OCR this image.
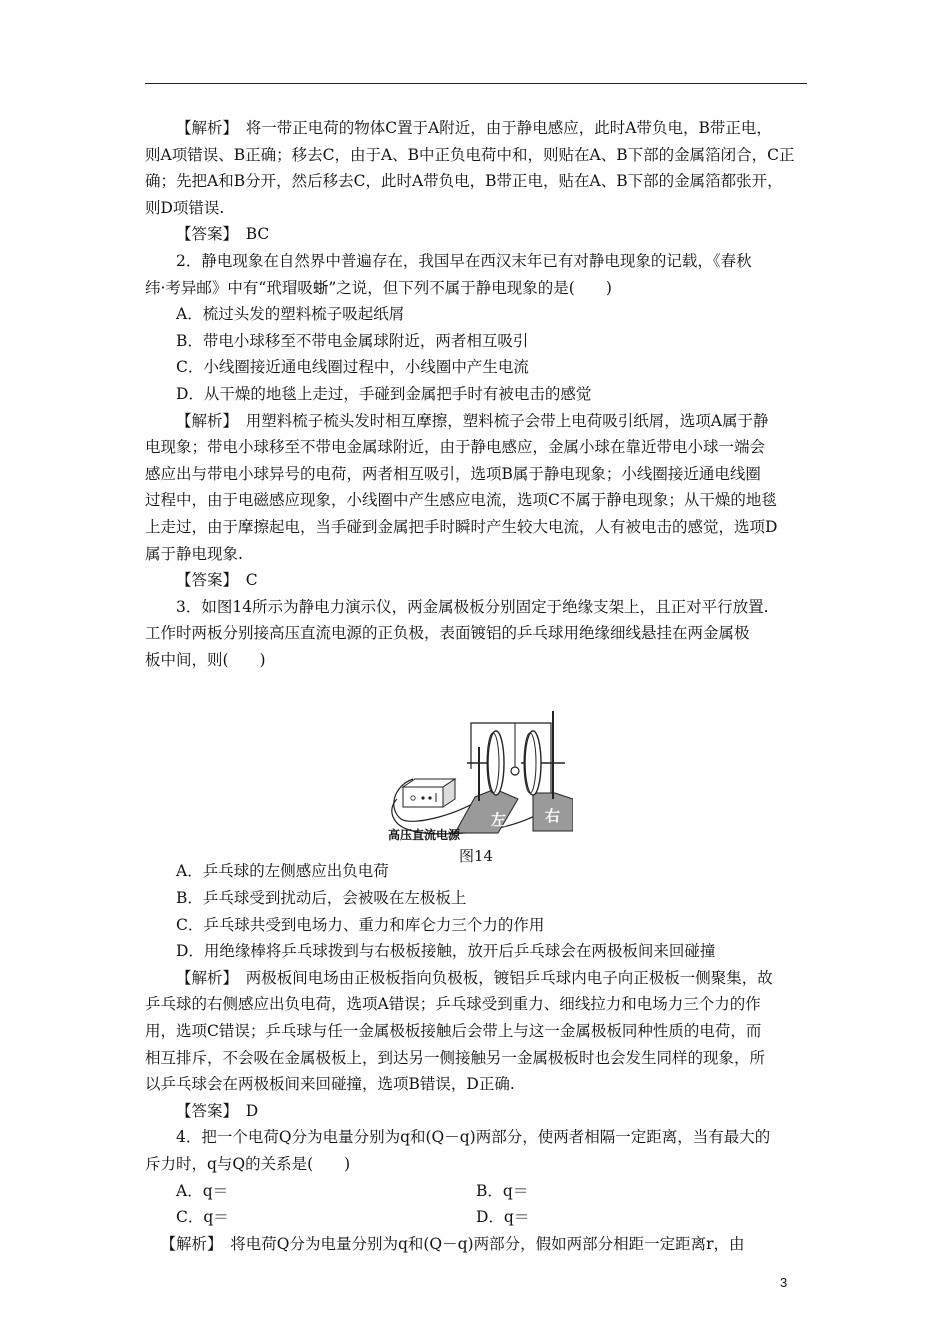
【解析】　将一带正电荷的物体C置于A附近，由于静电感应，此时A带负电，B带正电，

则A项错误、B正确；移去C，由于A、B中正负电荷中和，则贴在A、B下部的金属箔闭合，C正

确；先把A和B分开，然后移去C，此时A带负电，B带正电，贴在A、B下部的金属箔都张开，

则D项错误.

【答案】　BC

2．静电现象在自然界中普遍存在，我国早在西汉末年已有对静电现象的记载，《春秋

纬·考异邮》中有“玳瑁吸𧋍”之说，但下列不属于静电现象的是(　　)

A．梳过头发的塑料梳子吸起纸屑

B．带电小球移至不带电金属球附近，两者相互吸引

C．小线圈接近通电线圈过程中，小线圈中产生电流

D．从干燥的地毯上走过，手碰到金属把手时有被电击的感觉

【解析】　用塑料梳子梳头发时相互摩擦，塑料梳子会带上电荷吸引纸屑，选项A属于静

电现象；带电小球移至不带电金属球附近，由于静电感应，金属小球在靠近带电小球一端会

感应出与带电小球异号的电荷，两者相互吸引，选项B属于静电现象；小线圈接近通电线圈

过程中，由于电磁感应现象，小线圈中产生感应电流，选项C不属于静电现象；从干燥的地毯

上走过，由于摩擦起电，当手碰到金属把手时瞬时产生较大电流，人有被电击的感觉，选项D

属于静电现象.

【答案】　C

3．如图14所示为静电力演示仪，两金属极板分别固定于绝缘支架上，且正对平行放置.

工作时两板分别接高压直流电源的正负极，表面镀铝的乒乓球用绝缘细线悬挂在两金属极

板中间，则(　　)

左	右
高压直流电源
图14

A．乒乓球的左侧感应出负电荷

B．乒乓球受到扰动后，会被吸在左极板上

C．乒乓球共受到电场力、重力和库仑力三个力的作用

D．用绝缘棒将乒乓球拨到与右极板接触，放开后乒乓球会在两极板间来回碰撞

【解析】　两极板间电场由正极板指向负极板，镀铝乒乓球内电子向正极板一侧聚集，故

乒乓球的右侧感应出负电荷，选项A错误；乒乓球受到重力、细线拉力和电场力三个力的作

用，选项C错误；乒乓球与任一金属极板接触后会带上与这一金属极板同种性质的电荷，而

相互排斥，不会吸在金属极板上，到达另一侧接触另一金属极板时也会发生同样的现象，所

以乒乓球会在两极板间来回碰撞，选项B错误，D正确.

【答案】　D

4．把一个电荷Q分为电量分别为q和(Q－q)两部分，使两者相隔一定距离，当有最大的

斥力时，q与Q的关系是(　　)

A．q＝	B．q＝
C．q＝	D．q＝

【解析】　将电荷Q分为电量分别为q和(Q－q)两部分，假如两部分相距一定距离r，由

3
